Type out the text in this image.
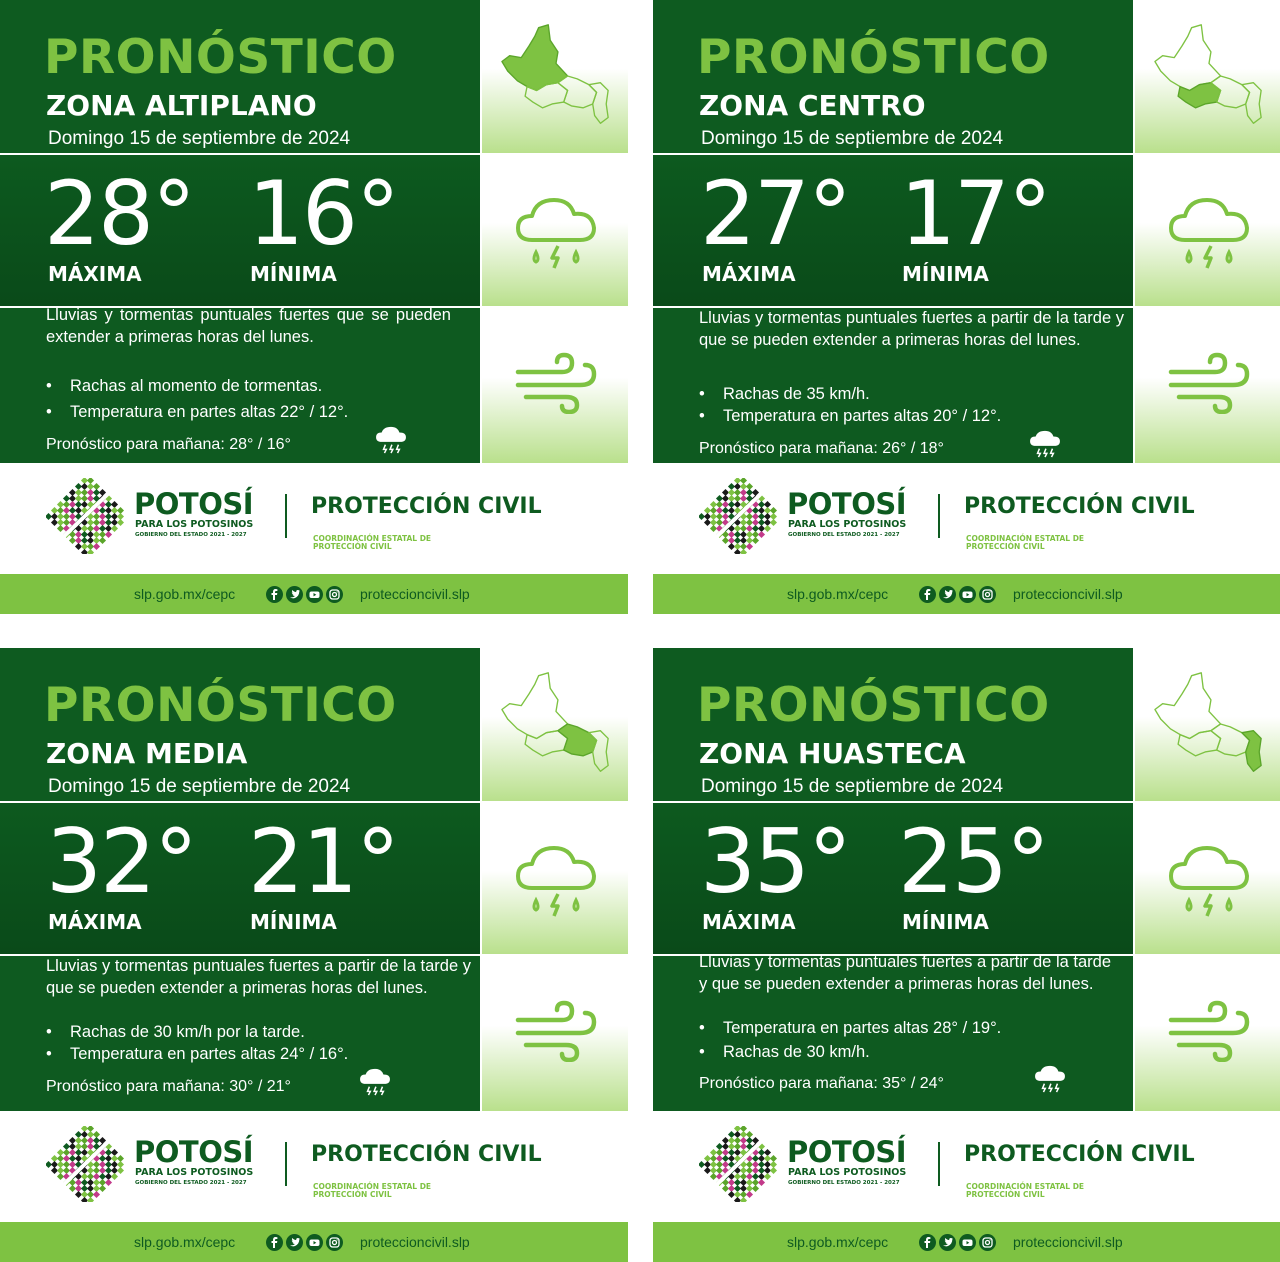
PRONÓSTICO
ZONA ALTIPLANO
Domingo 15 de septiembre de 2024
28° 16°
MÁXIMA	MÍNIMA

Lluvias y tormentas puntuales fuertes que se pueden extender a primeras horas del lunes.

• Rachas al momento de tormentas.
• Temperatura en partes altas 22° / 12°.
Pronóstico para mañana: 28° / 16°
POTOSÍ
PARA LOS POTOSINOS
GOBIERNO DEL ESTADO 2021 - 2027
PROTECCIÓN CIVIL
COORDINACIÓN ESTATAL DE PROTECCIÓN CIVIL
slp.gob.mx/cepc	proteccioncivil.slp
PRONÓSTICO
ZONA CENTRO
Domingo 15 de septiembre de 2024
27° 17°
MÁXIMA	MÍNIMA

Lluvias y tormentas puntuales fuertes a partir de la tarde y que se pueden extender a primeras horas del lunes.

• Rachas de 35 km/h.
• Temperatura en partes altas 20° / 12°.
Pronóstico para mañana: 26° / 18°
POTOSÍ
PARA LOS POTOSINOS
GOBIERNO DEL ESTADO 2021 - 2027
PROTECCIÓN CIVIL
COORDINACIÓN ESTATAL DE PROTECCIÓN CIVIL
slp.gob.mx/cepc	proteccioncivil.slp
PRONÓSTICO
ZONA MEDIA
Domingo 15 de septiembre de 2024
32° 21°
MÁXIMA	MÍNIMA

Lluvias y tormentas puntuales fuertes a partir de la tarde y que se pueden extender a primeras horas del lunes.

• Rachas de 30 km/h por la tarde.
• Temperatura en partes altas 24° / 16°.
Pronóstico para mañana: 30° / 21°
POTOSÍ
PARA LOS POTOSINOS
GOBIERNO DEL ESTADO 2021 - 2027
PROTECCIÓN CIVIL
COORDINACIÓN ESTATAL DE PROTECCIÓN CIVIL
slp.gob.mx/cepc	proteccioncivil.slp
PRONÓSTICO
ZONA HUASTECA
Domingo 15 de septiembre de 2024
35° 25°
MÁXIMA	MÍNIMA

Lluvias y tormentas puntuales fuertes a partir de la tarde y que se pueden extender a primeras horas del lunes.

• Temperatura en partes altas 28° / 19°.
• Rachas de 30 km/h.
Pronóstico para mañana: 35° / 24°
POTOSÍ
PARA LOS POTOSINOS
GOBIERNO DEL ESTADO 2021 - 2027
PROTECCIÓN CIVIL
COORDINACIÓN ESTATAL DE PROTECCIÓN CIVIL
slp.gob.mx/cepc	proteccioncivil.slp
